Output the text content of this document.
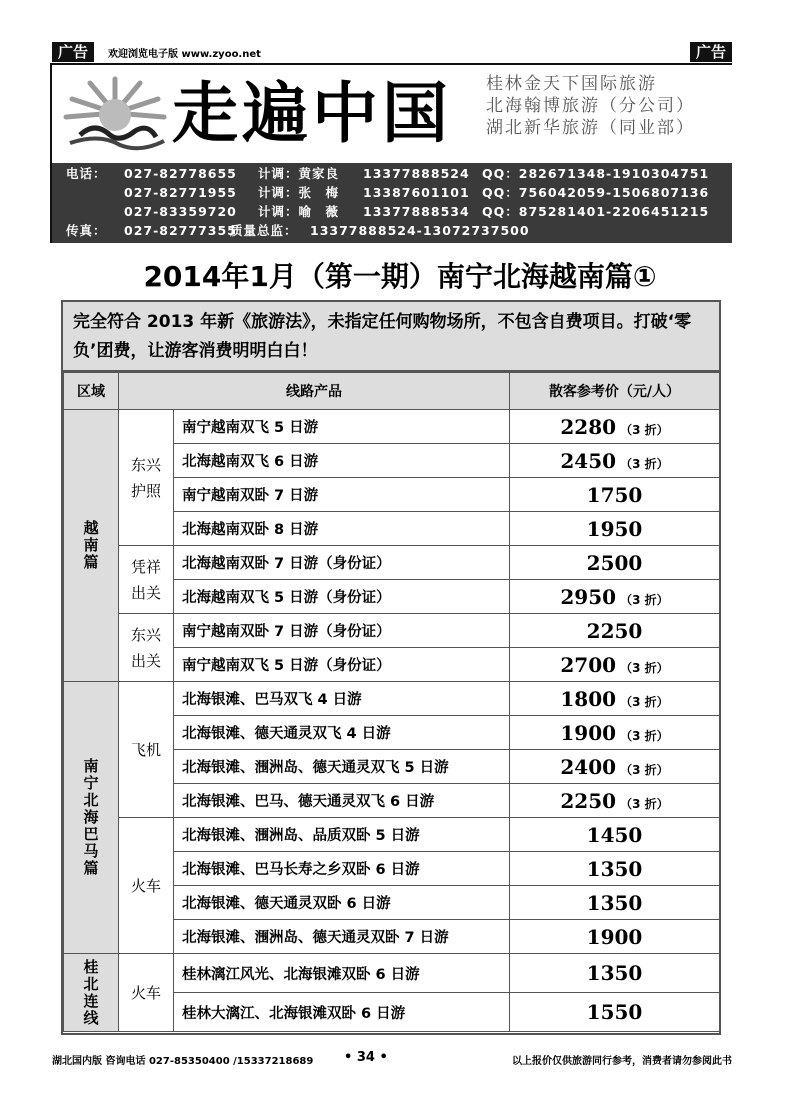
广告	欢迎浏览电子版 www.zyoo.net	广告
走遍中国 桂林金天下国际旅游
北海翰博旅游（分公司）
湖北新华旅游（同业部）
电话： 027-82778655 计调：黄家良 13377888524 QQ：282671348-1910304751
027-82771955 计调：张　梅 13387601101 QQ：756042059-1506807136
027-83359720 计调：喻　薇 13377888534 QQ：875281401-2206451215
传真： 027-82777355
质量总监： 13377888524-13072737500
2014年1月（第一期）南宁北海越南篇①
完全符合 2013 年新《旅游法》，未指定任何购物场所，不包含自费项目。打破‘零负’团费，让游客消费明明白白！
区域	线路产品		散客参考价（元/人）

越南篇	东兴护照	南宁越南双飞 5 日游	2280 （3 折）
		北海越南双飞 6 日游	2450 （3 折）
		南宁越南双卧 7 日游	1750
		北海越南双卧 8 日游	1950

	凭祥出关	北海越南双卧 7 日游（身份证）	2500
		北海越南双飞 5 日游（身份证）	2950 （3 折）

	东兴出关	南宁越南双卧 7 日游（身份证）	2250
		南宁越南双飞 5 日游（身份证）	2700 （3 折）

南宁北海巴马篇	飞机	北海银滩、巴马双飞 4 日游	1800 （3 折）
		北海银滩、德天通灵双飞 4 日游	1900 （3 折）
		北海银滩、涠洲岛、德天通灵双飞 5 日游	2400 （3 折）
		北海银滩、巴马、德天通灵双飞 6 日游	2250 （3 折）

	火车	北海银滩、涠洲岛、品质双卧 5 日游	1450
		北海银滩、巴马长寿之乡双卧 6 日游	1350
		北海银滩、德天通灵双卧 6 日游	1350
		北海银滩、涠洲岛、德天通灵双卧 7 日游	1900

桂北连线	火车	桂林漓江风光、北海银滩双卧 6 日游	1350
		桂林大漓江、北海银滩双卧 6 日游	1550
湖北国内版 咨询电话 027-85350400 /15337218689 • 34 •	以上报价仅供旅游同行参考，消费者请勿参阅此书
